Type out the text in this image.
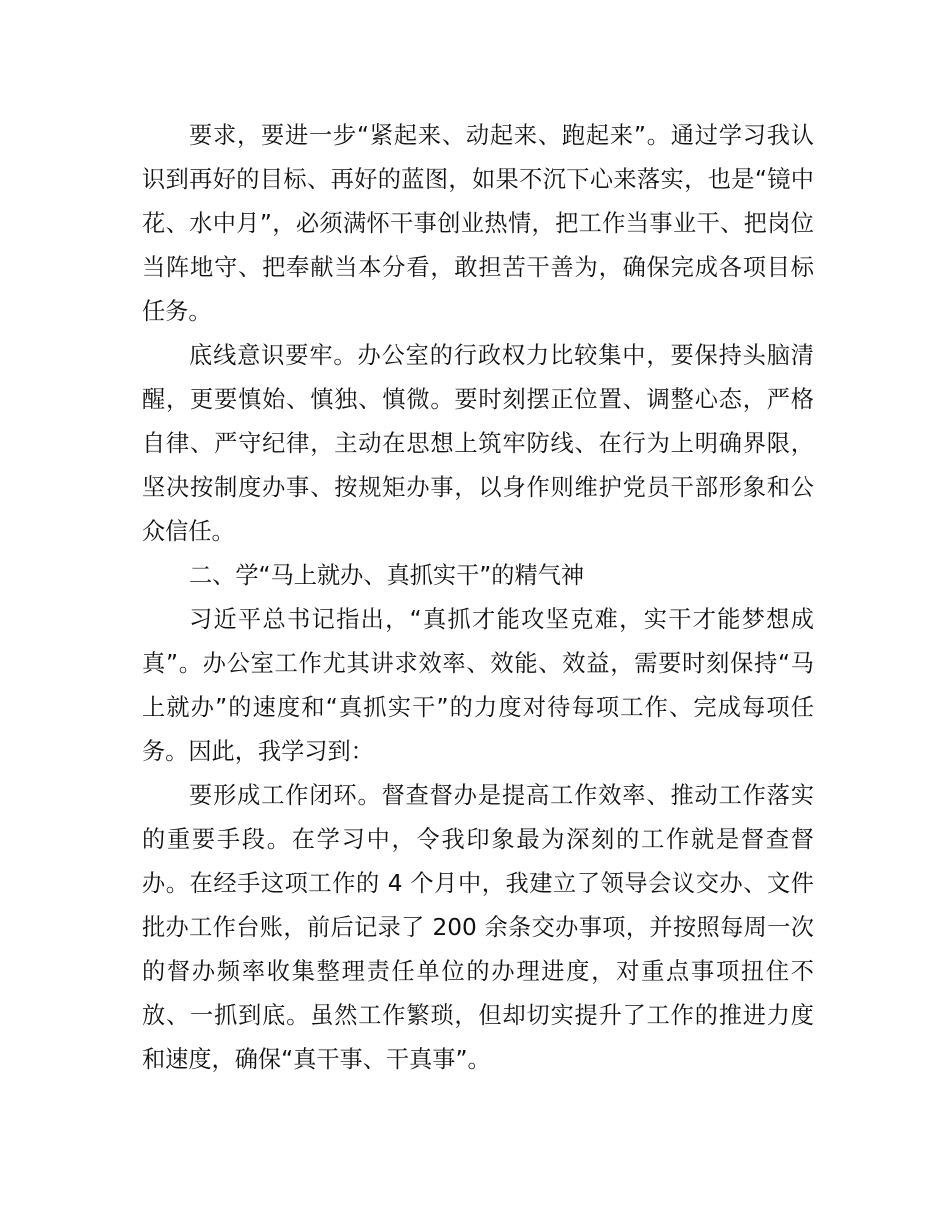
要求，要进一步“紧起来、动起来、跑起来”。通过学习我认识到再好的目标、再好的蓝图，如果不沉下心来落实，也是“镜中花、水中月”，必须满怀干事创业热情，把工作当事业干、把岗位当阵地守、把奉献当本分看，敢担苦干善为，确保完成各项目标任务。

底线意识要牢。办公室的行政权力比较集中，要保持头脑清醒，更要慎始、慎独、慎微。要时刻摆正位置、调整心态，严格自律、严守纪律，主动在思想上筑牢防线、在行为上明确界限，坚决按制度办事、按规矩办事，以身作则维护党员干部形象和公众信任。

二、学“马上就办、真抓实干”的精气神

习近平总书记指出，“真抓才能攻坚克难，实干才能梦想成真”。办公室工作尤其讲求效率、效能、效益，需要时刻保持“马上就办”的速度和“真抓实干”的力度对待每项工作、完成每项任务。因此，我学习到：

要形成工作闭环。督查督办是提高工作效率、推动工作落实的重要手段。在学习中，令我印象最为深刻的工作就是督查督办。在经手这项工作的 4 个月中，我建立了领导会议交办、文件批办工作台账，前后记录了 200 余条交办事项，并按照每周一次的督办频率收集整理责任单位的办理进度，对重点事项扭住不放、一抓到底。虽然工作繁琐，但却切实提升了工作的推进力度和速度，确保“真干事、干真事”。
